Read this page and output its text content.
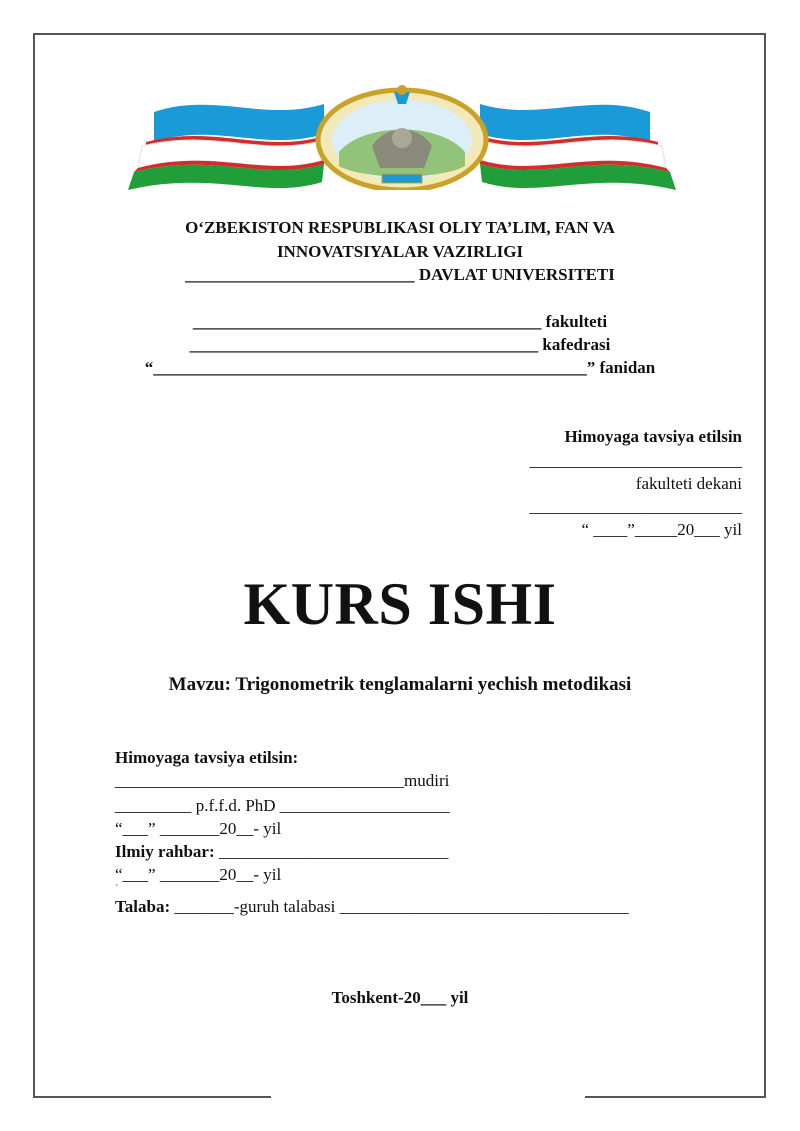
O‘ZBEKISTON RESPUBLIKASI OLIY TA’LIM, FAN VA
INNOVATSIYALAR VAZIRLIGI
___________________________ DAVLAT UNIVERSITETI
_________________________________________ fakulteti
_________________________________________ kafedrasi
“___________________________________________________” fanidan
Himoyaga tavsiya etilsin
_________________________
fakulteti dekani
_________________________
“ ____”_____20___ yil
KURS ISHI
Mavzu: Trigonometrik tenglamalarni yechish metodikasi
Himoyaga tavsiya etilsin:
__________________________________mudiri
_________ p.f.f.d. PhD ____________________
“___” _______20__- yil
Ilmiy rahbar: ___________________________
“___” _______20__- yil
`
Talaba: _______-guruh talabasi __________________________________
Toshkent-20___ yil
